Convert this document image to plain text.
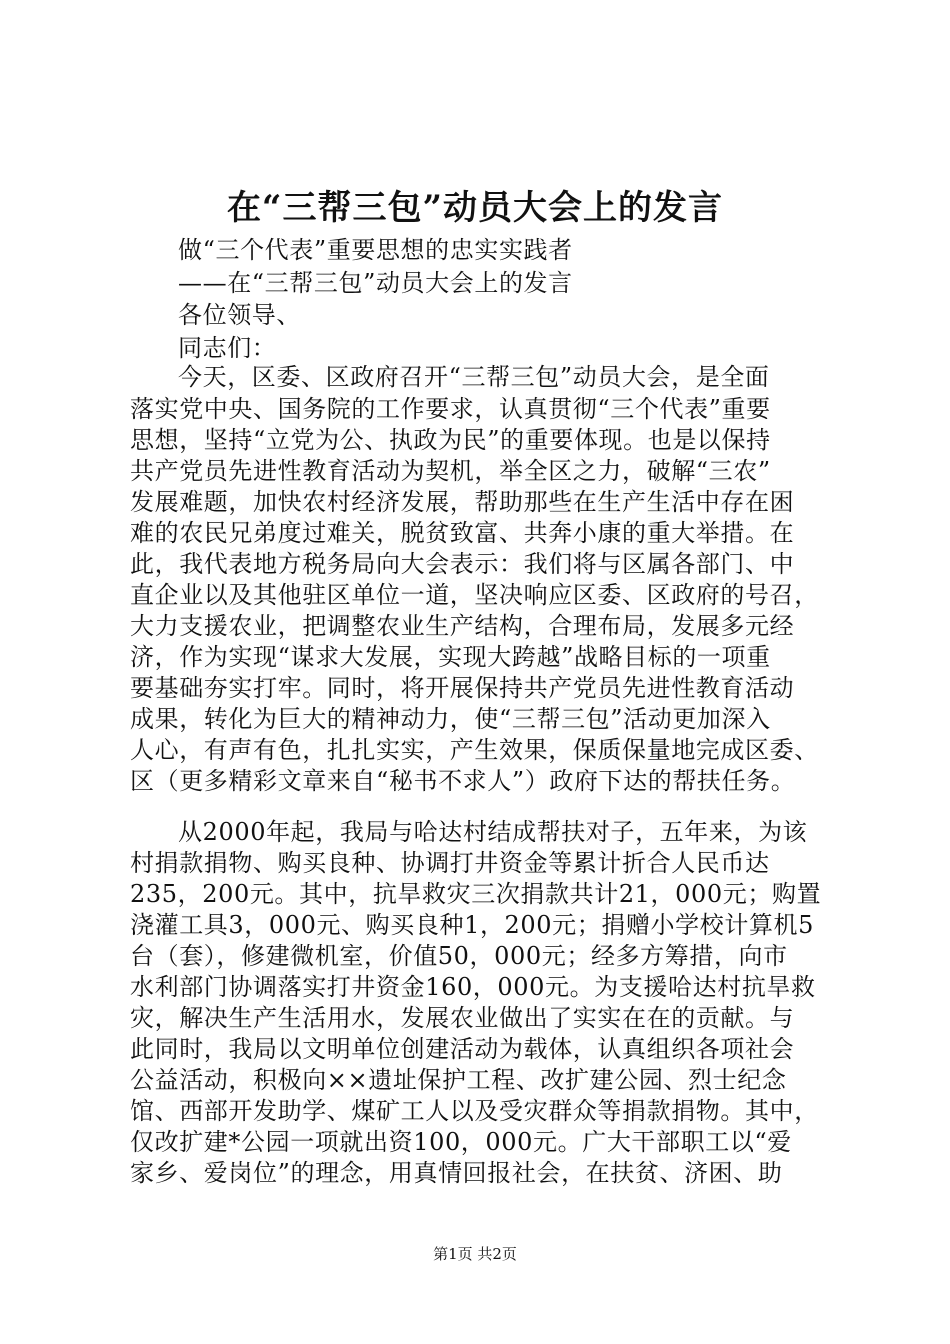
在“三帮三包”动员大会上的发言
做“三个代表”重要思想的忠实实践者
——在“三帮三包”动员大会上的发言
各位领导、
同志们：
今天，区委、区政府召开“三帮三包”动员大会，是全面
落实党中央、国务院的工作要求，认真贯彻“三个代表”重要
思想，坚持“立党为公、执政为民”的重要体现。也是以保持
共产党员先进性教育活动为契机，举全区之力，破解“三农”
发展难题，加快农村经济发展，帮助那些在生产生活中存在困
难的农民兄弟度过难关，脱贫致富、共奔小康的重大举措。在
此，我代表地方税务局向大会表示：我们将与区属各部门、中
直企业以及其他驻区单位一道，坚决响应区委、区政府的号召，
大力支援农业，把调整农业生产结构，合理布局，发展多元经
济，作为实现“谋求大发展，实现大跨越”战略目标的一项重
要基础夯实打牢。同时，将开展保持共产党员先进性教育活动
成果，转化为巨大的精神动力，使“三帮三包”活动更加深入
人心，有声有色，扎扎实实，产生效果，保质保量地完成区委、
区（更多精彩文章来自“秘书不求人”）政府下达的帮扶任务。
从2000年起，我局与哈达村结成帮扶对子，五年来，为该
村捐款捐物、购买良种、协调打井资金等累计折合人民币达
235，200元。其中，抗旱救灾三次捐款共计21，000元；购置
浇灌工具3，000元、购买良种1，200元；捐赠小学校计算机5
台（套），修建微机室，价值50，000元；经多方筹措，向市
水利部门协调落实打井资金160，000元。为支援哈达村抗旱救
灾，解决生产生活用水，发展农业做出了实实在在的贡献。与
此同时，我局以文明单位创建活动为载体，认真组织各项社会
公益活动，积极向××遗址保护工程、改扩建公园、烈士纪念
馆、西部开发助学、煤矿工人以及受灾群众等捐款捐物。其中，
仅改扩建*公园一项就出资100，000元。广大干部职工以“爱
家乡、爱岗位”的理念，用真情回报社会，在扶贫、济困、助
第1页 共2页
